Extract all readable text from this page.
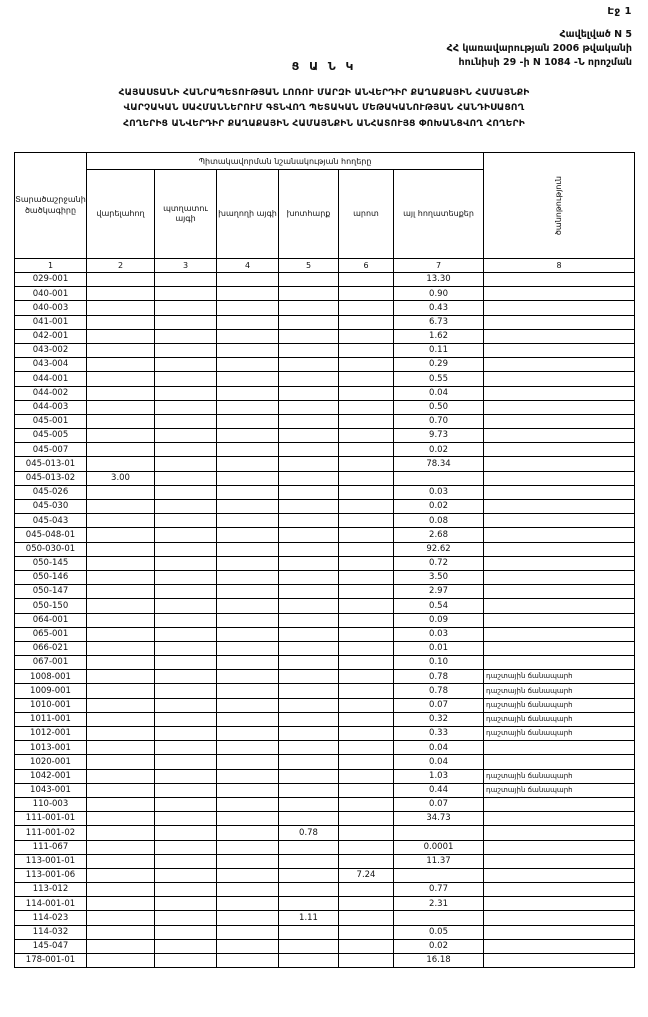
Էջ 1
Հավելված N 5
ՀՀ կառավարության 2006 թվականի
հունիսի 29 -ի N 1084 -Ն որոշման
Ց Ա Ն Կ
ՀԱՅԱՍՏԱՆԻ ՀԱՆՐԱՊԵՏՈՒԹՅԱՆ ԼՈՌՈՒ ՄԱՐԶԻ ԱՆՎԵՐԴԻՐ ՔԱՂԱՔԱՅԻՆ ՀԱՄԱՅՆՔԻ
ՎԱՐՉԱԿԱՆ ՍԱՀՄԱՆՆԵՐՈՒՄ ԳՏՆՎՈՂ ՊԵՏԱԿԱՆ ՄԵԹԱԿԱՆՈՒԹՅԱՆ ՀԱՆԴԻՍԱՑՈՂ
ՀՈՂԵՐԻՑ ԱՆՎԵՐԴԻՐ ՔԱՂԱՔԱՅԻՆ ՀԱՄԱՅՆՔԻՆ ԱՆՀԱՏՈՒՅՑ ՓՈԽԱՆՑՎՈՂ ՀՈՂԵՐԻ
Տարածաշրջանի ծածկագիրը	Պիտակավորման նշանակության հողերը						ծանոթություն

	վարելահող	պտղատու այգի	խաղողի այգի	խոտհարք	արոտ	այլ հողատեսքեր	
1	2	3	4	5	6	7	8
029-001						13.30	
040-001						0.90	
040-003						0.43	
041-001						6.73	
042-001						1.62	
043-002						0.11	
043-004						0.29	
044-001						0.55	
044-002						0.04	
044-003						0.50	
045-001						0.70	
045-005						9.73	
045-007						0.02	
045-013-01						78.34	
045-013-02	3.00						
045-026						0.03	
045-030						0.02	
045-043						0.08	
045-048-01						2.68	
050-030-01						92.62	
050-145						0.72	
050-146						3.50	
050-147						2.97	
050-150						0.54	
064-001						0.09	
065-001						0.03	
066-021						0.01	
067-001						0.10	
1008-001						0.78	դաշտային ճանապարհ
1009-001						0.78	դաշտային ճանապարհ
1010-001						0.07	դաշտային ճանապարհ
1011-001						0.32	դաշտային ճանապարհ
1012-001						0.33	դաշտային ճանապարհ
1013-001						0.04	
1020-001						0.04	
1042-001						1.03	դաշտային ճանապարհ
1043-001						0.44	դաշտային ճանապարհ
110-003						0.07	
111-001-01						34.73	
111-001-02				0.78			
111-067						0.0001	
113-001-01						11.37	
113-001-06					7.24		
113-012						0.77	
114-001-01						2.31	
114-023				1.11			
114-032						0.05	
145-047						0.02	
178-001-01						16.18	
